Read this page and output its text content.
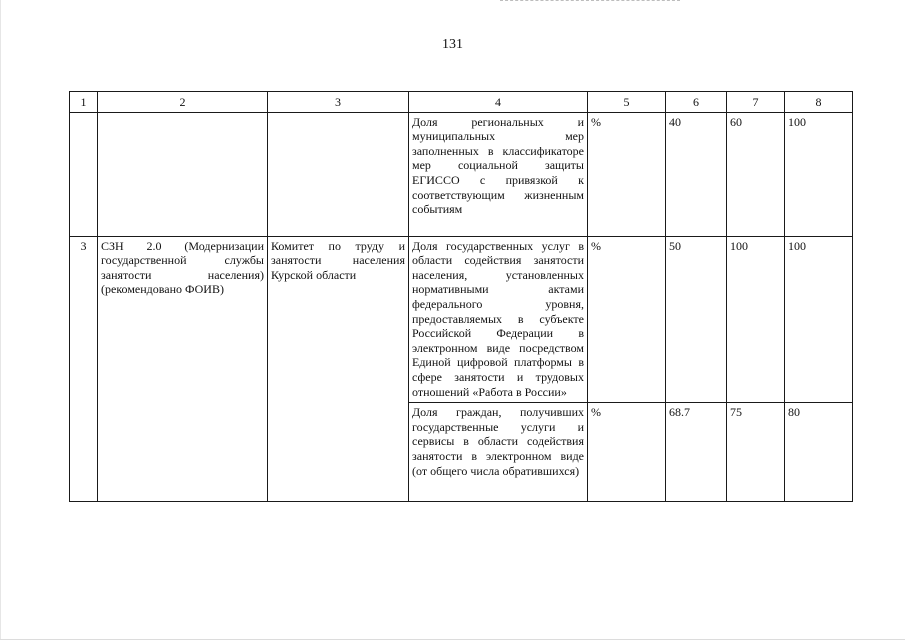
131
1	2	3	4	5	6	7	8
			Доля региональных и муниципальных мер заполненных в классификаторе мер социальной защиты ЕГИССО с привязкой к соответствующим жизненным событиям	%	40	60	100
3	СЗН 2.0 (Модернизации государственной службы занятости населения) (рекомендовано ФОИВ)	Комитет по труду и занятости населения Курской области	Доля государственных услуг в области содействия занятости населения, установленных нормативными актами федерального уровня, предоставляемых в субъекте Российской Федерации в электронном виде посредством Единой цифровой платформы в сфере занятости и трудовых отношений «Работа в России»	%	50	100	100
			Доля граждан, получивших государственные услуги и сервисы в области содействия занятости в электронном виде (от общего числа обратившихся)	%	68.7	75	80
